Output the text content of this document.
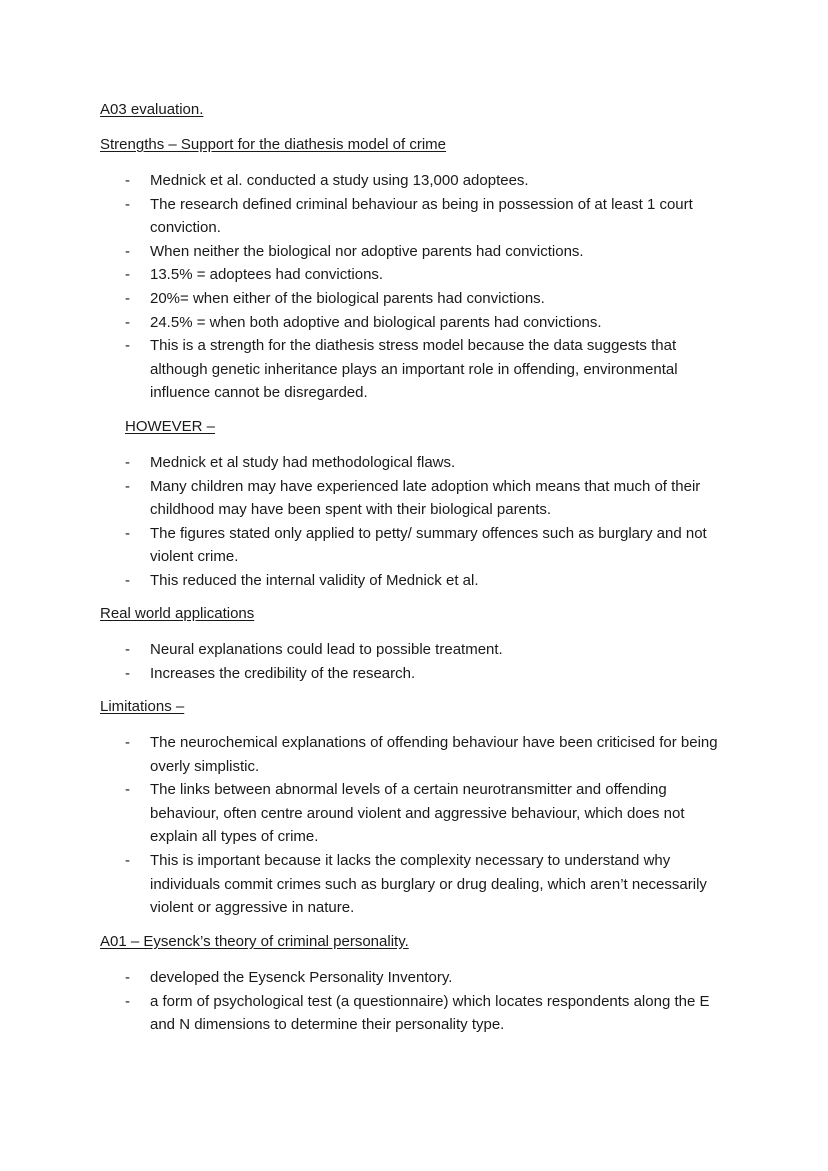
A03 evaluation.
Strengths – Support for the diathesis model of crime
- Mednick et al. conducted a study using 13,000 adoptees.
- The research defined criminal behaviour as being in possession of at least 1 court conviction.
- When neither the biological nor adoptive parents had convictions.
- 13.5% = adoptees had convictions.
- 20%= when either of the biological parents had convictions.
- 24.5% = when both adoptive and biological parents had convictions.
- This is a strength for the diathesis stress model because the data suggests that although genetic inheritance plays an important role in offending, environmental influence cannot be disregarded.
HOWEVER –
- Mednick et al study had methodological flaws.
- Many children may have experienced late adoption which means that much of their childhood may have been spent with their biological parents.
- The figures stated only applied to petty/ summary offences such as burglary and not violent crime.
- This reduced the internal validity of Mednick et al.
Real world applications
- Neural explanations could lead to possible treatment.
- Increases the credibility of the research.
Limitations –
- The neurochemical explanations of offending behaviour have been criticised for being overly simplistic.
- The links between abnormal levels of a certain neurotransmitter and offending behaviour, often centre around violent and aggressive behaviour, which does not explain all types of crime.
- This is important because it lacks the complexity necessary to understand why individuals commit crimes such as burglary or drug dealing, which aren’t necessarily violent or aggressive in nature.
A01 – Eysenck’s theory of criminal personality.
- developed the Eysenck Personality Inventory.
- a form of psychological test (a questionnaire) which locates respondents along the E and N dimensions to determine their personality type.
